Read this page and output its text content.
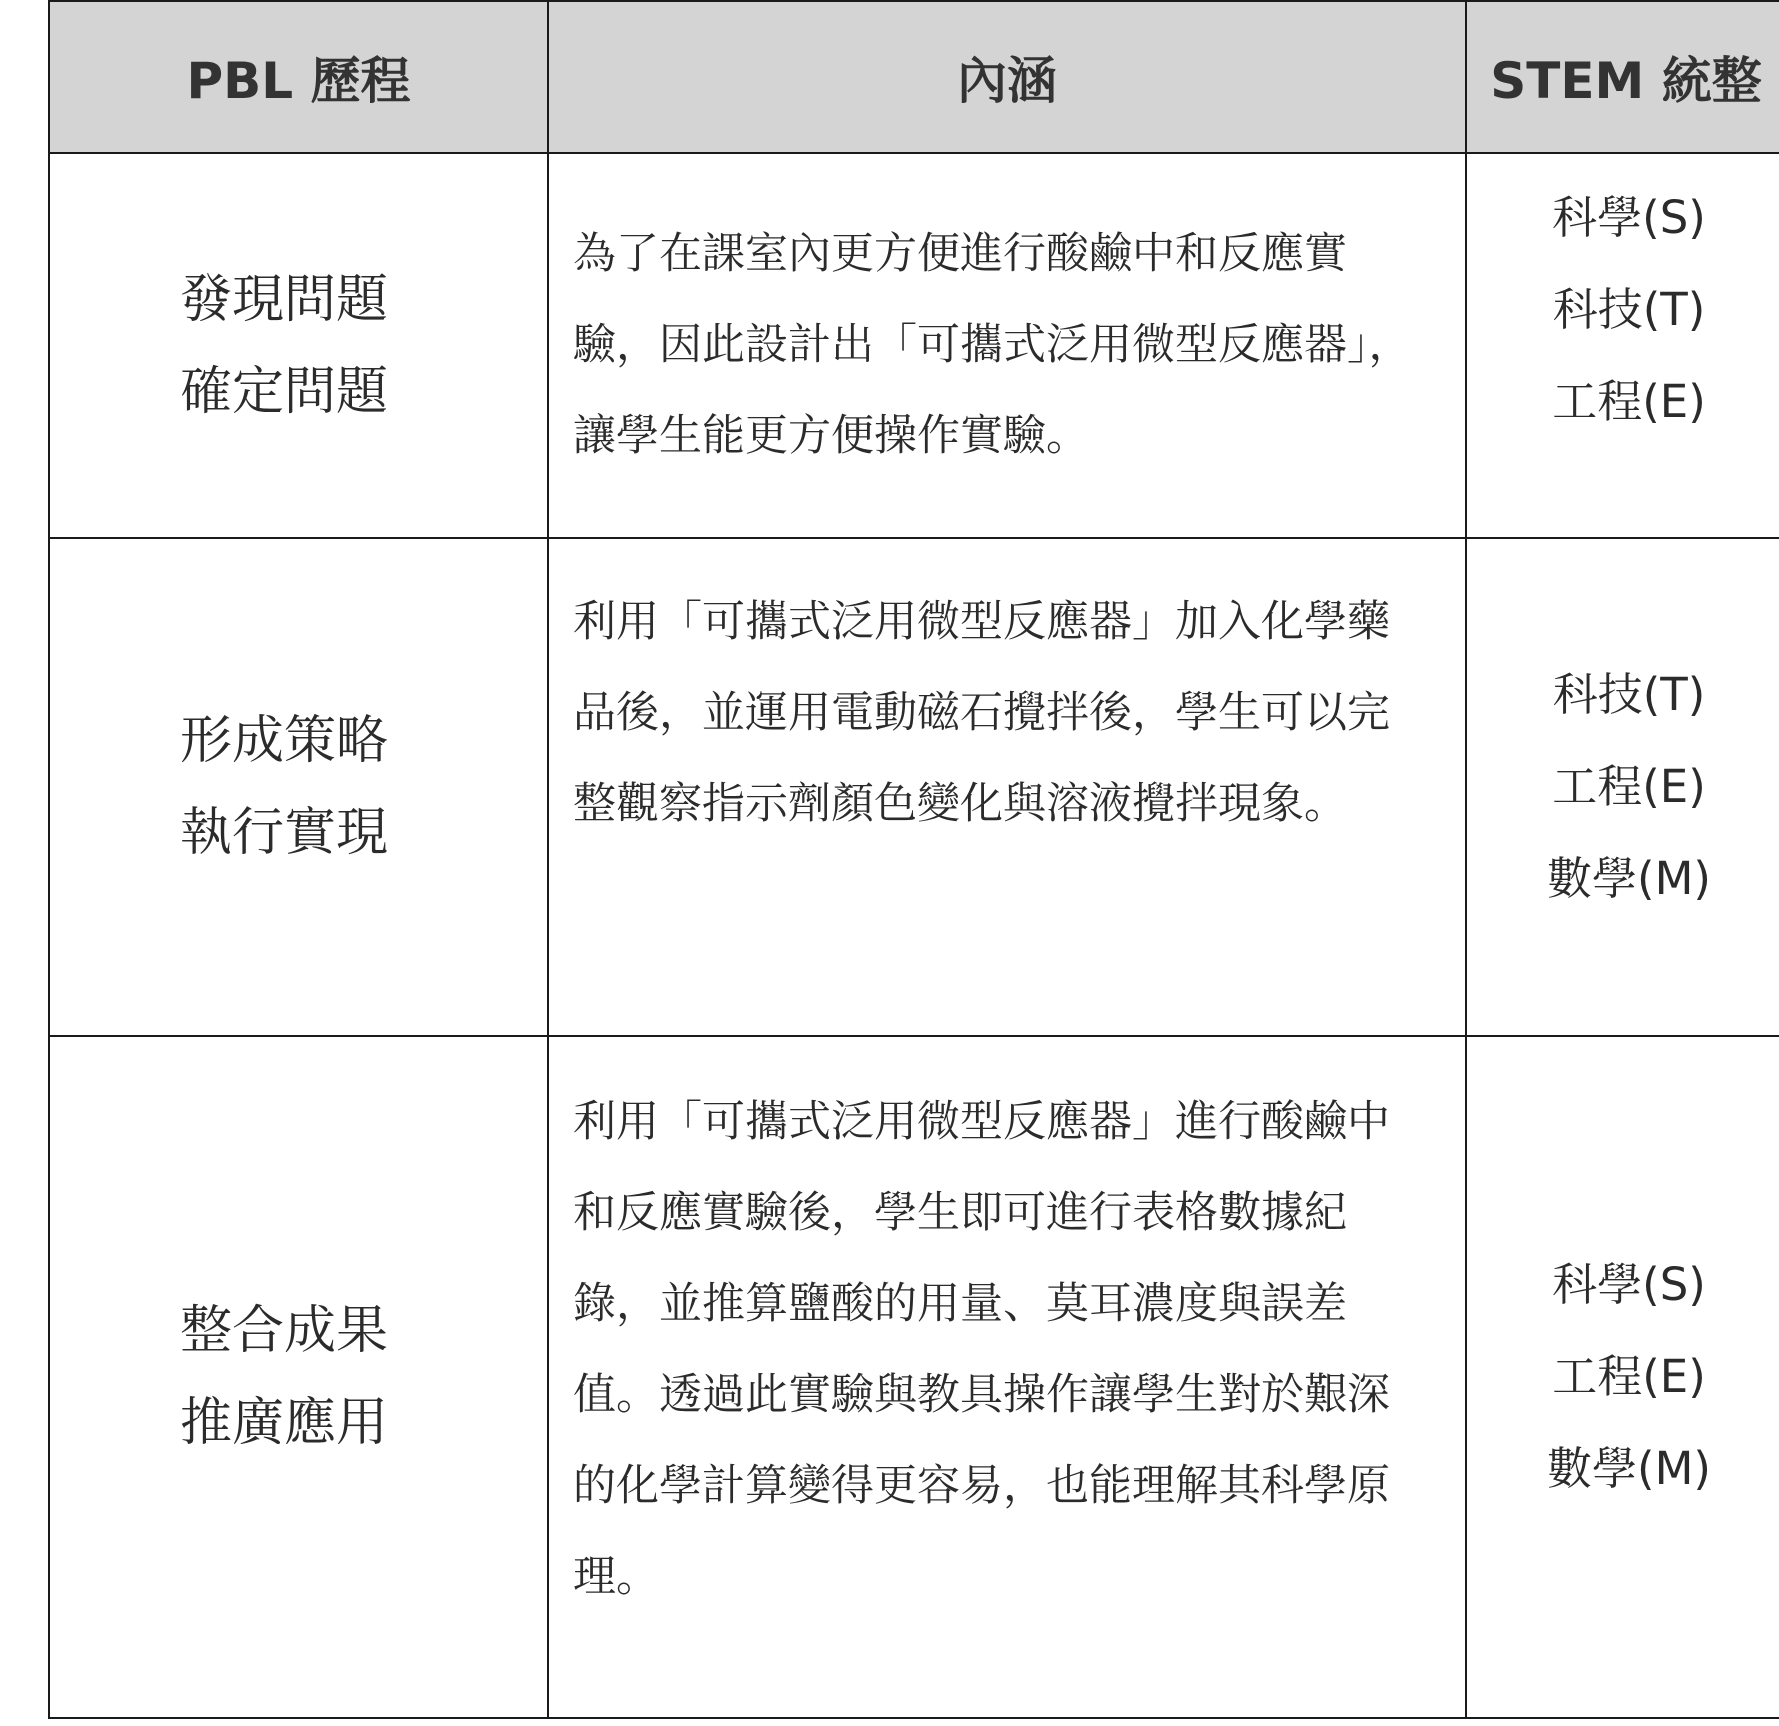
PBL 歷程	內涵	STEM 統整

發現問題
確定問題	為了在課室內更方便進行酸鹼中和反應實驗，因此設計出「可攜式泛用微型反應器」，讓學生能更方便操作實驗。	科學(S)
科技(T)
工程(E)

形成策略
執行實現	利用「可攜式泛用微型反應器」加入化學藥品後，並運用電動磁石攪拌後，學生可以完整觀察指示劑顏色變化與溶液攪拌現象。	科技(T)
工程(E)
數學(M)

整合成果
推廣應用	利用「可攜式泛用微型反應器」進行酸鹼中和反應實驗後，學生即可進行表格數據紀錄，並推算鹽酸的用量、莫耳濃度與誤差值。透過此實驗與教具操作讓學生對於艱深的化學計算變得更容易，也能理解其科學原理。	科學(S)
工程(E)
數學(M)
